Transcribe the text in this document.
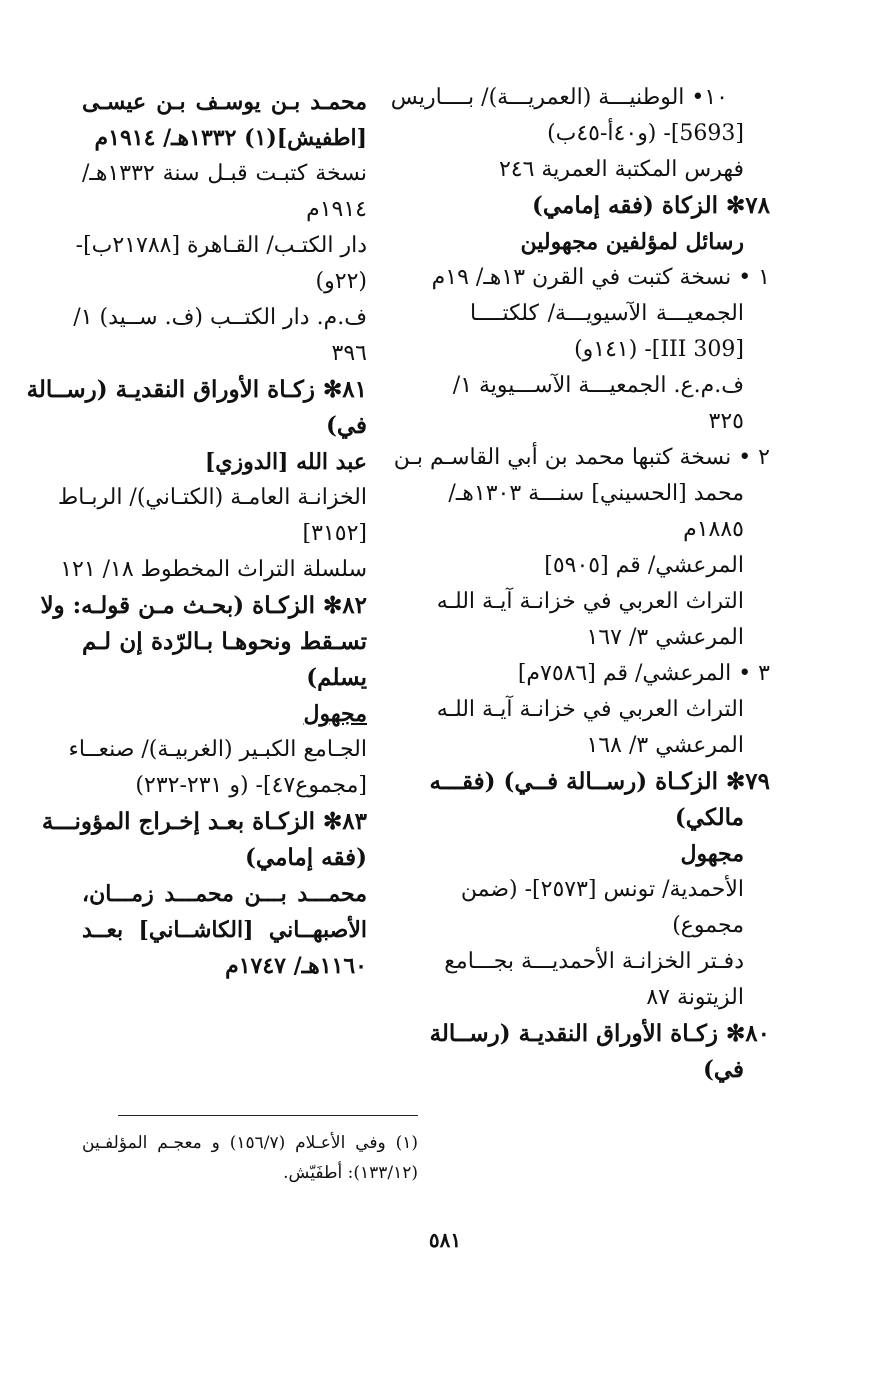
١٠• الوطنيـــة (العمريـــة)/ بــــاريس
[5693]- (و٤٠أ-٤٥ب)
فهرس المكتبة العمرية ٢٤٦
٧٨✻ الزكاة (فقه إمامي)
رسائل لمؤلفين مجهولين
١ • نسخة كتبت في القرن ١٣هـ/ ١٩م
الجمعيـــة الآسيويـــة/ كلكتــــا
[III 309]- (١٤١و)
ف.م.ع. الجمعيـــة الآســـيوية ١/
٣٢٥
٢ • نسخة كتبها محمد بن أبي القاسـم بـن
محمد [الحسيني] سنـــة ١٣٠٣هـ/
١٨٨٥م
المرعشي/ قم [٥٩٠٥]
التراث العربي في خزانـة آيـة اللـه
المرعشي ٣/ ١٦٧
٣ • المرعشي/ قم [٧٥٨٦م]
التراث العربي في خزانـة آيـة اللـه
المرعشي ٣/ ١٦٨
٧٩✻ الزكـاة (رســالة فــي) (فقـــه
مالكي)
مجهول
الأحمدية/ تونس [٢٥٧٣]- (ضمن
مجموع)
دفـتر الخزانـة الأحمديـــة بجـــامع
الزيتونة ٨٧
٨٠✻ زكـاة الأوراق النقديـة (رســالة
في)
محمـد بـن يوسـف بـن عيسـى
[اطفيش](١) ١٣٣٢هـ/ ١٩١٤م
نسخة كتبـت قبـل سنة ١٣٣٢هـ/
١٩١٤م
دار الكتـب/ القـاهرة [٢١٧٨٨ب]-
(٢٢و)
ف.م. دار الكتــب (ف. ســيد) ١/
٣٩٦
٨١✻ زكـاة الأوراق النقديـة (رســالة
في)
عبد الله [الدوزي]
الخزانـة العامـة (الكتـاني)/ الربـاط
[٣١٥٢]
سلسلة التراث المخطوط ١٨/ ١٢١
٨٢✻ الزكـاة (بحـث مـن قولـه: ولا
تسـقط ونحوهـا بـالرّدة إن لـم
يسلم)
مجهول
الجـامع الكبـير (الغربيـة)/ صنعــاء
[مجموع٤٧]- (و ٢٣١-٢٣٢)
٨٣✻ الزكـاة بعـد إخـراج المؤونـــة
(فقه إمامي)
محمـــد بـــن محمـــد زمـــان،
الأصبهــاني [الكاشــاني] بعــد
١١٦٠هـ/ ١٧٤٧م
(١) وفي الأعـلام (١٥٦/٧) و معجـم المؤلفـين
(١٣٣/١٢): أطفَيّش.
٥٨١
